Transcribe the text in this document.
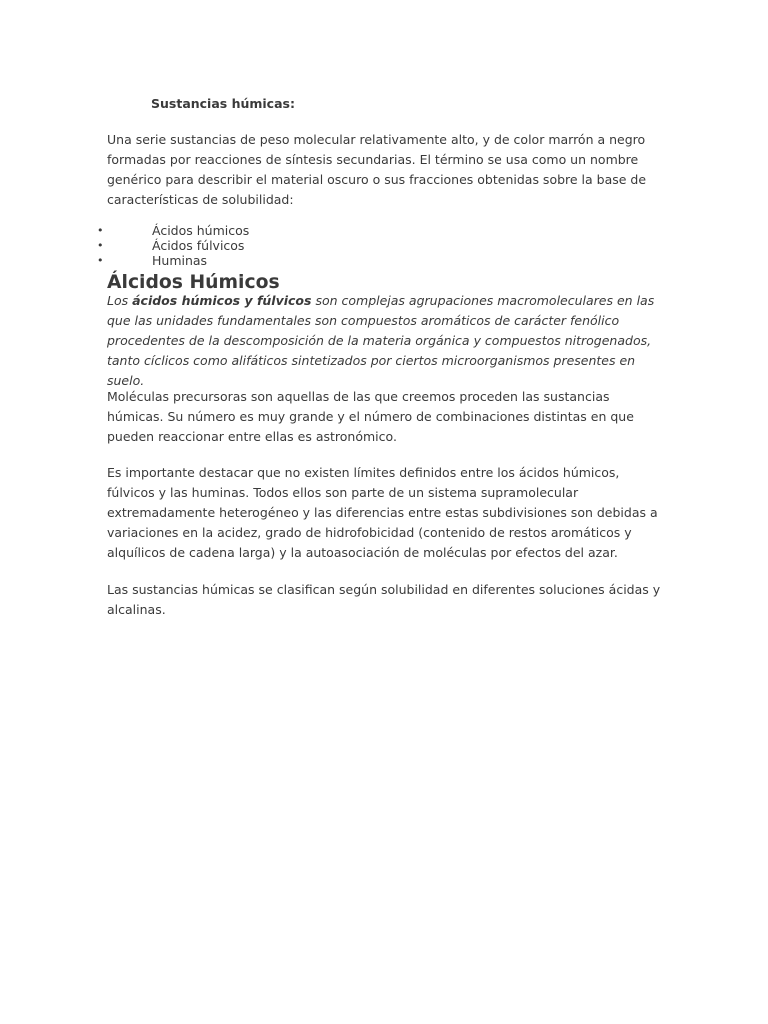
Sustancias húmicas:

Una serie sustancias de peso molecular relativamente alto, y de color marrón a negro formadas por reacciones de síntesis secundarias. El término se usa como un nombre genérico para describir el material oscuro o sus fracciones obtenidas sobre la base de características de solubilidad:

•	Ácidos húmicos
•	Ácidos fúlvicos
•	Huminas
Álcidos Húmicos

Los ácidos húmicos y fúlvicos son complejas agrupaciones macromoleculares en las que las unidades fundamentales son compuestos aromáticos de carácter fenólico procedentes de la descomposición de la materia orgánica y compuestos nitrogenados, tanto cíclicos como alifáticos sintetizados por ciertos microorganismos presentes en suelo.

Moléculas precursoras son aquellas de las que creemos proceden las sustancias húmicas. Su número es muy grande y el número de combinaciones distintas en que pueden reaccionar entre ellas es astronómico.

Es importante destacar que no existen límites definidos entre los ácidos húmicos, fúlvicos y las huminas. Todos ellos son parte de un sistema supramolecular extremadamente heterogéneo y las diferencias entre estas subdivisiones son debidas a variaciones en la acidez, grado de hidrofobicidad (contenido de restos aromáticos y alquílicos de cadena larga) y la autoasociación de moléculas por efectos del azar.

Las sustancias húmicas se clasifican según solubilidad en diferentes soluciones ácidas y alcalinas.
